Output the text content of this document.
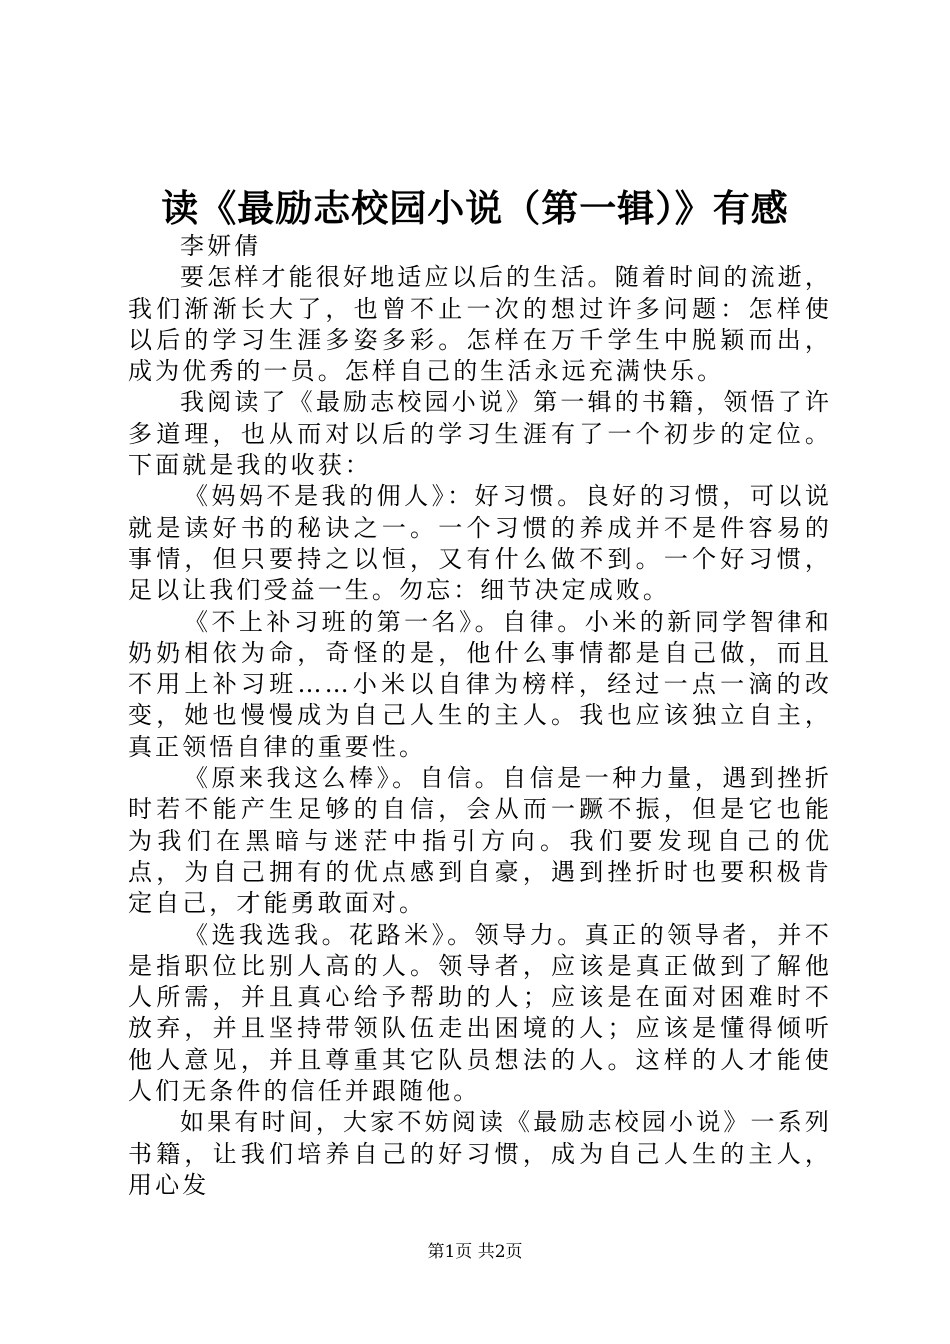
读《最励志校园小说（第一辑）》有感

李妍倩

要怎样才能很好地适应以后的生活。随着时间的流逝，我们渐渐长大了，也曾不止一次的想过许多问题：怎样使以后的学习生涯多姿多彩。怎样在万千学生中脱颖而出，成为优秀的一员。怎样自己的生活永远充满快乐。

我阅读了《最励志校园小说》第一辑的书籍，领悟了许多道理，也从而对以后的学习生涯有了一个初步的定位。下面就是我的收获：

《妈妈不是我的佣人》：好习惯。良好的习惯，可以说就是读好书的秘诀之一。一个习惯的养成并不是件容易的事情，但只要持之以恒，又有什么做不到。一个好习惯，足以让我们受益一生。勿忘：细节决定成败。

《不上补习班的第一名》。自律。小米的新同学智律和奶奶相依为命，奇怪的是，他什么事情都是自己做，而且不用上补习班……小米以自律为榜样，经过一点一滴的改变，她也慢慢成为自己人生的主人。我也应该独立自主，真正领悟自律的重要性。

《原来我这么棒》。自信。自信是一种力量，遇到挫折时若不能产生足够的自信，会从而一蹶不振，但是它也能为我们在黑暗与迷茫中指引方向。我们要发现自己的优点，为自己拥有的优点感到自豪，遇到挫折时也要积极肯定自己，才能勇敢面对。

《选我选我。花路米》。领导力。真正的领导者，并不是指职位比别人高的人。领导者，应该是真正做到了解他人所需，并且真心给予帮助的人；应该是在面对困难时不放弃，并且坚持带领队伍走出困境的人；应该是懂得倾听他人意见，并且尊重其它队员想法的人。这样的人才能使人们无条件的信任并跟随他。

如果有时间，大家不妨阅读《最励志校园小说》一系列书籍，让我们培养自己的好习惯，成为自己人生的主人，用心发

第1页 共2页
